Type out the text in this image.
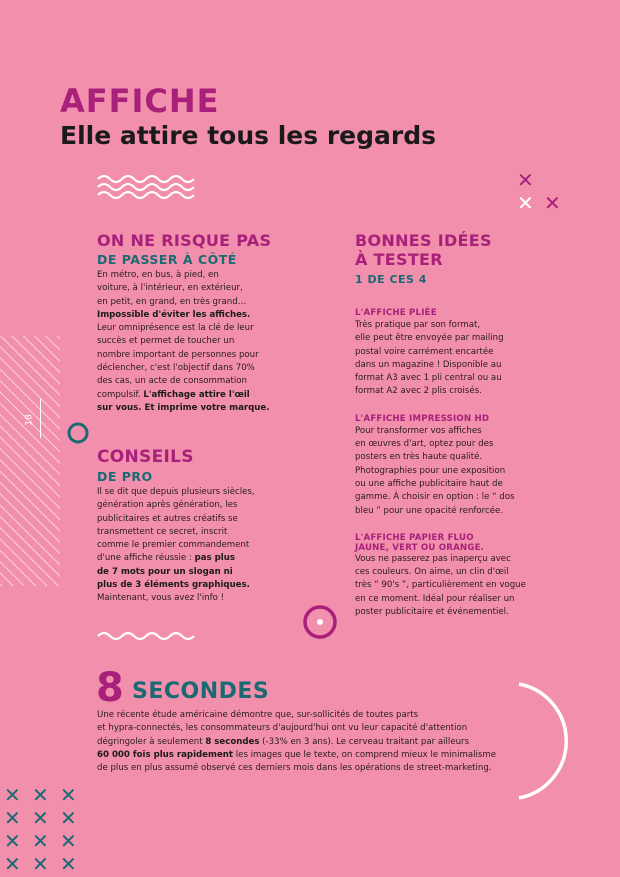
18
AFFICHE
Elle attire tous les regards
✕
✕ ✕
ON NE RISQUE PAS
DE PASSER À CÔTÉ
En métro, en bus, à pied, en
voiture, à l'intérieur, en extérieur,
en petit, en grand, en très grand…
Impossible d'éviter les affiches.
Leur omniprésence est la clé de leur
succès et permet de toucher un
nombre important de personnes pour
déclencher, c'est l'objectif dans 70%
des cas, un acte de consommation
compulsif. L'affichage attire l'œil
sur vous. Et imprime votre marque.
CONSEILS
DE PRO
Il se dit que depuis plusieurs siècles,
génération après génération, les
publicitaires et autres créatifs se
transmettent ce secret, inscrit
comme le premier commandement
d'une affiche réussie : pas plus
de 7 mots pour un slogan ni
plus de 3 éléments graphiques.
Maintenant, vous avez l'info !
BONNES IDÉES
À TESTER
1 DE CES 4
L'AFFICHE PLIÉE
Très pratique par son format,
elle peut être envoyée par mailing
postal voire carrément encartée
dans un magazine ! Disponible au
format A3 avec 1 pli central ou au
format A2 avec 2 plis croisés.
L'AFFICHE IMPRESSION HD
Pour transformer vos affiches
en œuvres d'art, optez pour des
posters en très haute qualité.
Photographies pour une exposition
ou une affiche publicitaire haut de
gamme. À choisir en option : le “ dos
bleu ” pour une opacité renforcée.
L'AFFICHE PAPIER FLUO
JAUNE, VERT OU ORANGE.
Vous ne passerez pas inaperçu avec
ces couleurs. On aime, un clin d'œil
très “ 90's ”, particulièrement en vogue
en ce moment. Idéal pour réaliser un
poster publicitaire et événementiel.
8 SECONDES
Une récente étude américaine démontre que, sur-sollicités de toutes parts
et hypra-connectés, les consommateurs d'aujourd'hui ont vu leur capacité d'attention
dégringoler à seulement 8 secondes (-33% en 3 ans). Le cerveau traitant par ailleurs
60 000 fois plus rapidement les images que le texte, on comprend mieux le minimalisme
de plus en plus assumé observé ces derniers mois dans les opérations de street-marketing.
✕ ✕ ✕
✕ ✕ ✕
✕ ✕ ✕
✕ ✕ ✕
